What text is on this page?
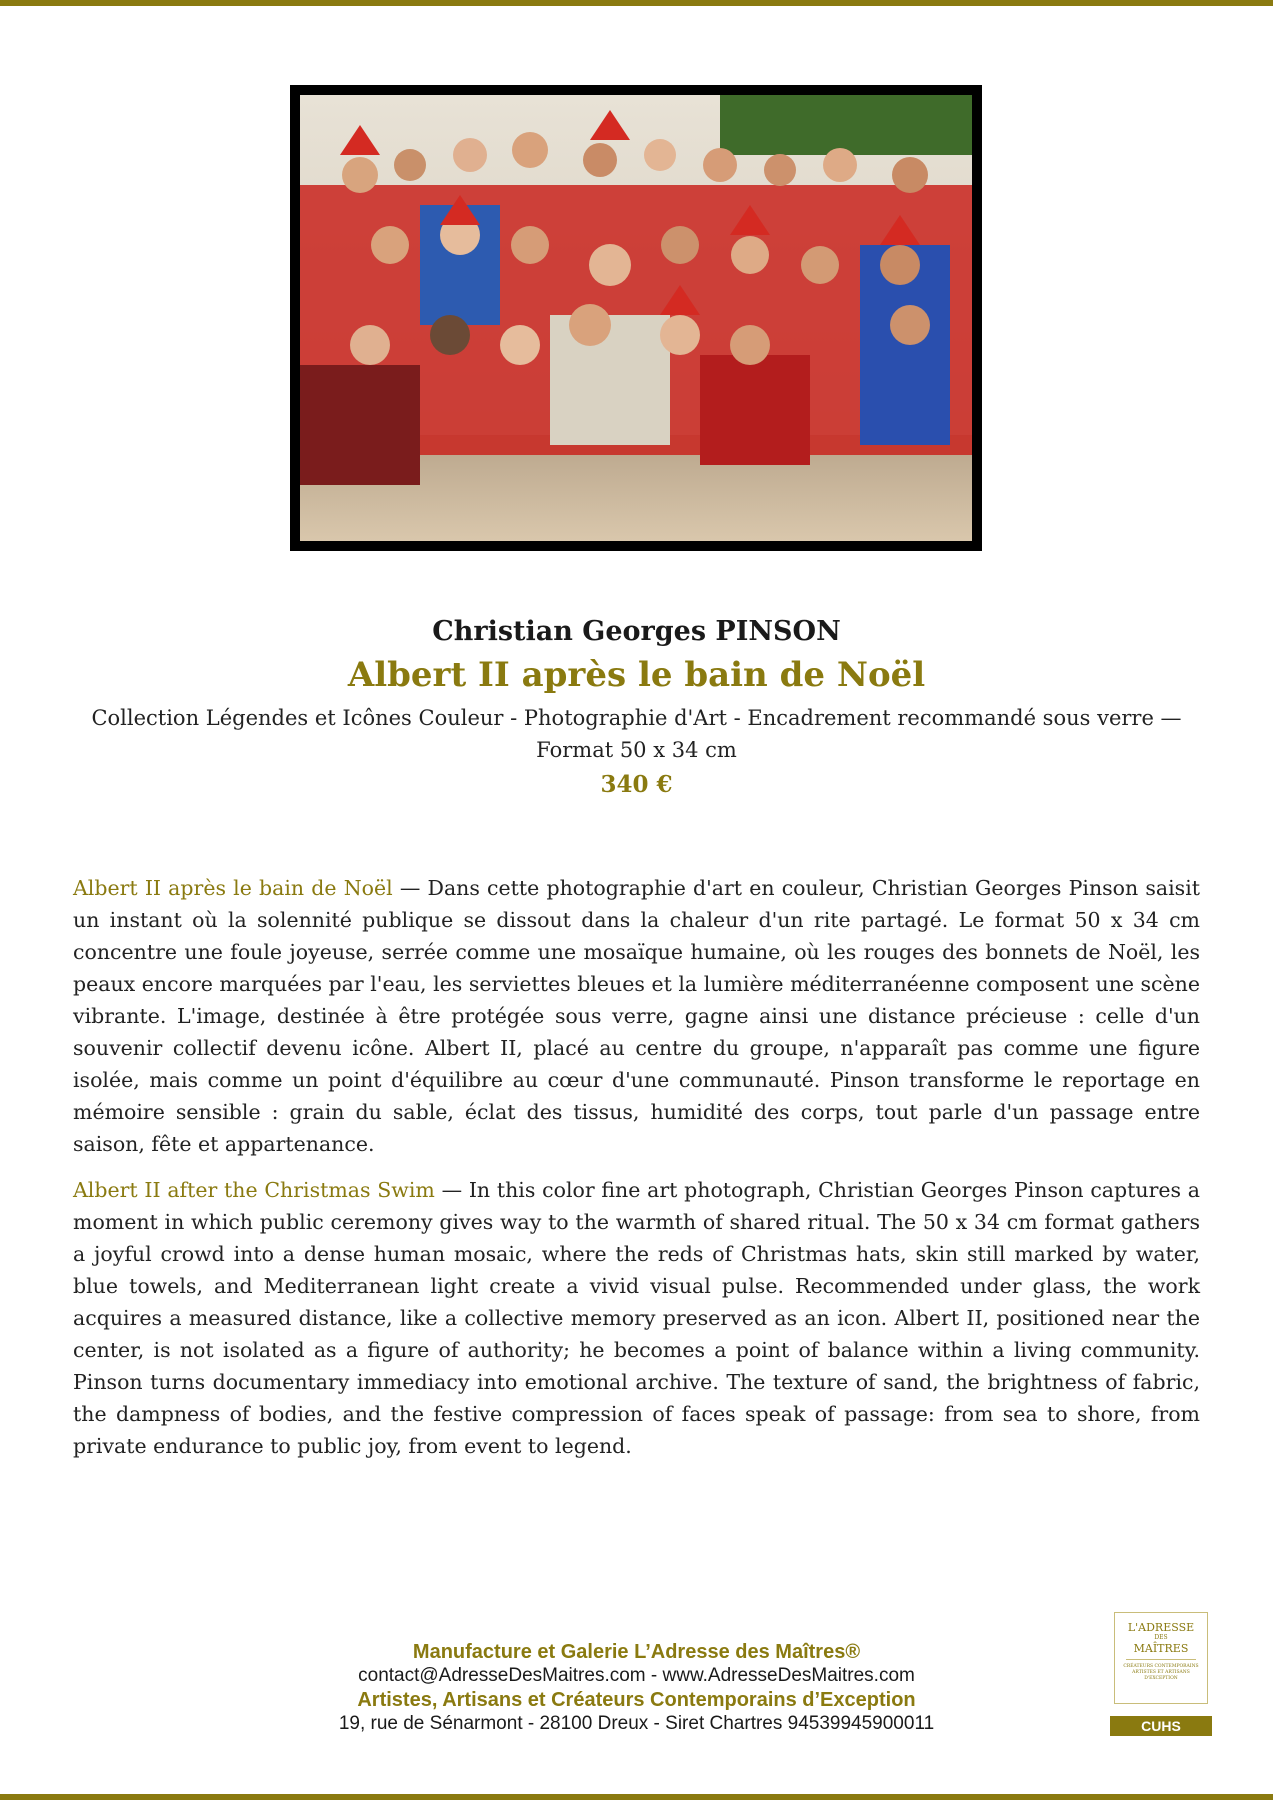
Christian Georges PINSON

Albert II après le bain de Noël

Collection Légendes et Icônes Couleur - Photographie d'Art - Encadrement recommandé sous verre — Format 50 x 34 cm

340 €

Albert II après le bain de Noël — Dans cette photographie d'art en couleur, Christian Georges Pinson saisit un instant où la solennité publique se dissout dans la chaleur d'un rite partagé. Le format 50 x 34 cm concentre une foule joyeuse, serrée comme une mosaïque humaine, où les rouges des bonnets de Noël, les peaux encore marquées par l'eau, les serviettes bleues et la lumière méditerranéenne composent une scène vibrante. L'image, destinée à être protégée sous verre, gagne ainsi une distance précieuse : celle d'un souvenir collectif devenu icône. Albert II, placé au centre du groupe, n'apparaît pas comme une figure isolée, mais comme un point d'équilibre au cœur d'une communauté. Pinson transforme le reportage en mémoire sensible : grain du sable, éclat des tissus, humidité des corps, tout parle d'un passage entre saison, fête et appartenance.

Albert II after the Christmas Swim — In this color fine art photograph, Christian Georges Pinson captures a moment in which public ceremony gives way to the warmth of shared ritual. The 50 x 34 cm format gathers a joyful crowd into a dense human mosaic, where the reds of Christmas hats, skin still marked by water, blue towels, and Mediterranean light create a vivid visual pulse. Recommended under glass, the work acquires a measured distance, like a collective memory preserved as an icon. Albert II, positioned near the center, is not isolated as a figure of authority; he becomes a point of balance within a living community. Pinson turns documentary immediacy into emotional archive. The texture of sand, the brightness of fabric, the dampness of bodies, and the festive compression of faces speak of passage: from sea to shore, from private endurance to public joy, from event to legend.

Manufacture et Galerie L’Adresse des Maîtres®

contact@AdresseDesMaitres.com - www.AdresseDesMaitres.com

Artistes, Artisans et Créateurs Contemporains d’Exception

19, rue de Sénarmont - 28100 Dreux - Siret Chartres 94539945900011

L'ADRESSE
DES
MAÎTRES
CRÉATEURS CONTEMPORAINS ARTISTES ET ARTISANS D'EXCEPTION
CUHS
